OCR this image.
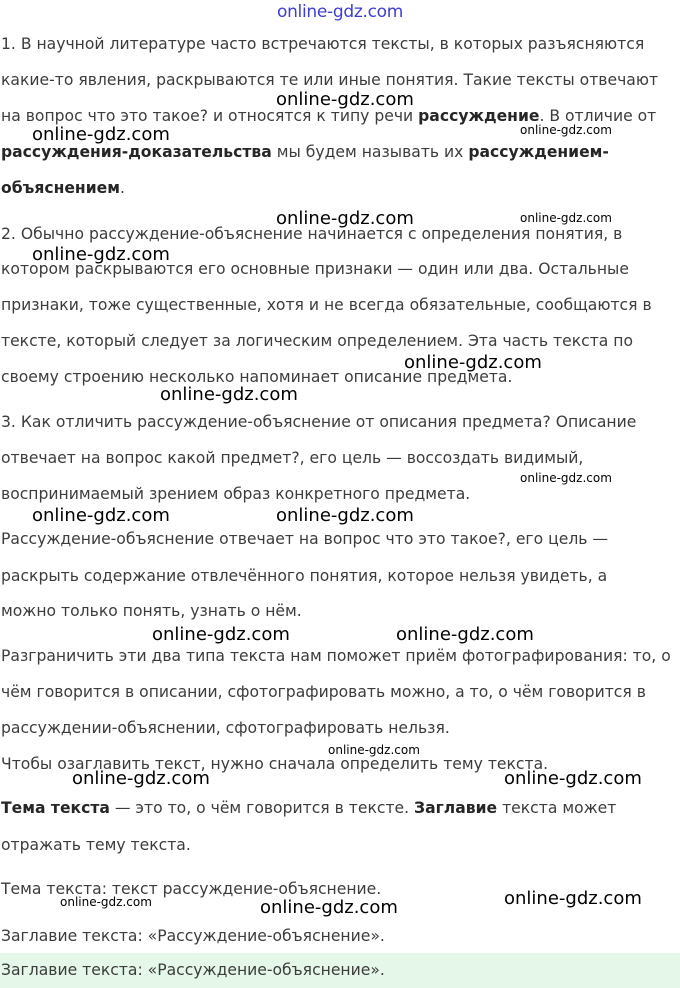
online-gdz.com
1. В научной литературе часто встречаются тексты, в которых разъясняются
какие-то явления, раскрываются те или иные понятия. Такие тексты отвечают
на вопрос что это такое? и относятся к типу речи рассуждение. В отличие от
рассуждения-доказательства мы будем называть их рассуждением-
объяснением.
2. Обычно рассуждение-объяснение начинается с определения понятия, в
котором раскрываются его основные признаки — один или два. Остальные
признаки, тоже существенные, хотя и не всегда обязательные, сообщаются в
тексте, который следует за логическим определением. Эта часть текста по
своему строению несколько напоминает описание предмета.
3. Как отличить рассуждение-объяснение от описания предмета? Описание
отвечает на вопрос какой предмет?, его цель — воссоздать видимый,
воспринимаемый зрением образ конкретного предмета.
Рассуждение-объяснение отвечает на вопрос что это такое?, его цель —
раскрыть содержание отвлечённого понятия, которое нельзя увидеть, а
можно только понять, узнать о нём.
Разграничить эти два типа текста нам поможет приём фотографирования: то, о
чём говорится в описании, сфотографировать можно, а то, о чём говорится в
рассуждении-объяснении, сфотографировать нельзя.
Чтобы озаглавить текст, нужно сначала определить тему текста.
Тема текста — это то, о чём говорится в тексте. Заглавие текста может
отражать тему текста.
Тема текста: текст рассуждение-объяснение.
Заглавие текста: «Рассуждение-объяснение».
Заглавие текста: «Рассуждение-объяснение».
online-gdz.com
online-gdz.com	online-gdz.com
online-gdz.com	online-gdz.com
online-gdz.com
online-gdz.com
online-gdz.com
online-gdz.com
online-gdz.com	online-gdz.com
online-gdz.com	online-gdz.com
online-gdz.com
online-gdz.com	online-gdz.com
online-gdz.com	online-gdz.com	online-gdz.com
